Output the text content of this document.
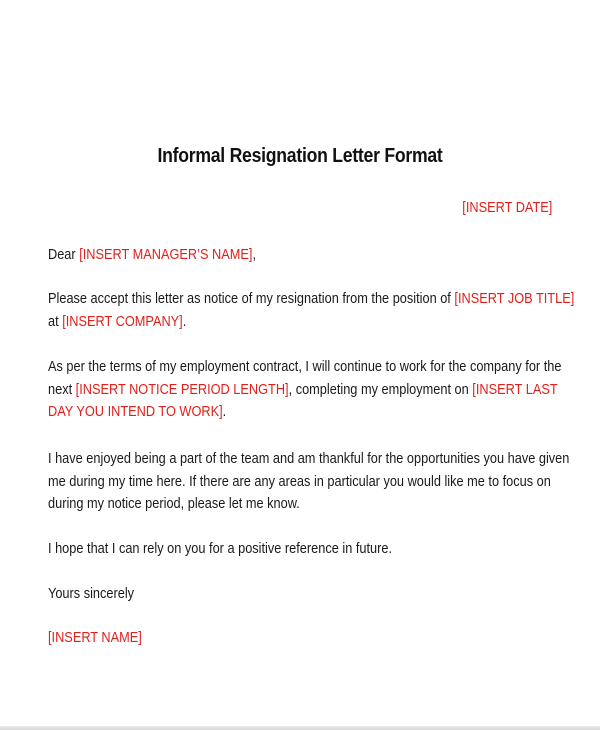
Informal Resignation Letter Format
[INSERT DATE]
Dear [INSERT MANAGER’S NAME],
Please accept this letter as notice of my resignation from the position of [INSERT JOB TITLE]
at [INSERT COMPANY].
As per the terms of my employment contract, I will continue to work for the company for the
next [INSERT NOTICE PERIOD LENGTH], completing my employment on [INSERT LAST
DAY YOU INTEND TO WORK].
I have enjoyed being a part of the team and am thankful for the opportunities you have given
me during my time here. If there are any areas in particular you would like me to focus on
during my notice period, please let me know.
I hope that I can rely on you for a positive reference in future.
Yours sincerely
[INSERT NAME]
